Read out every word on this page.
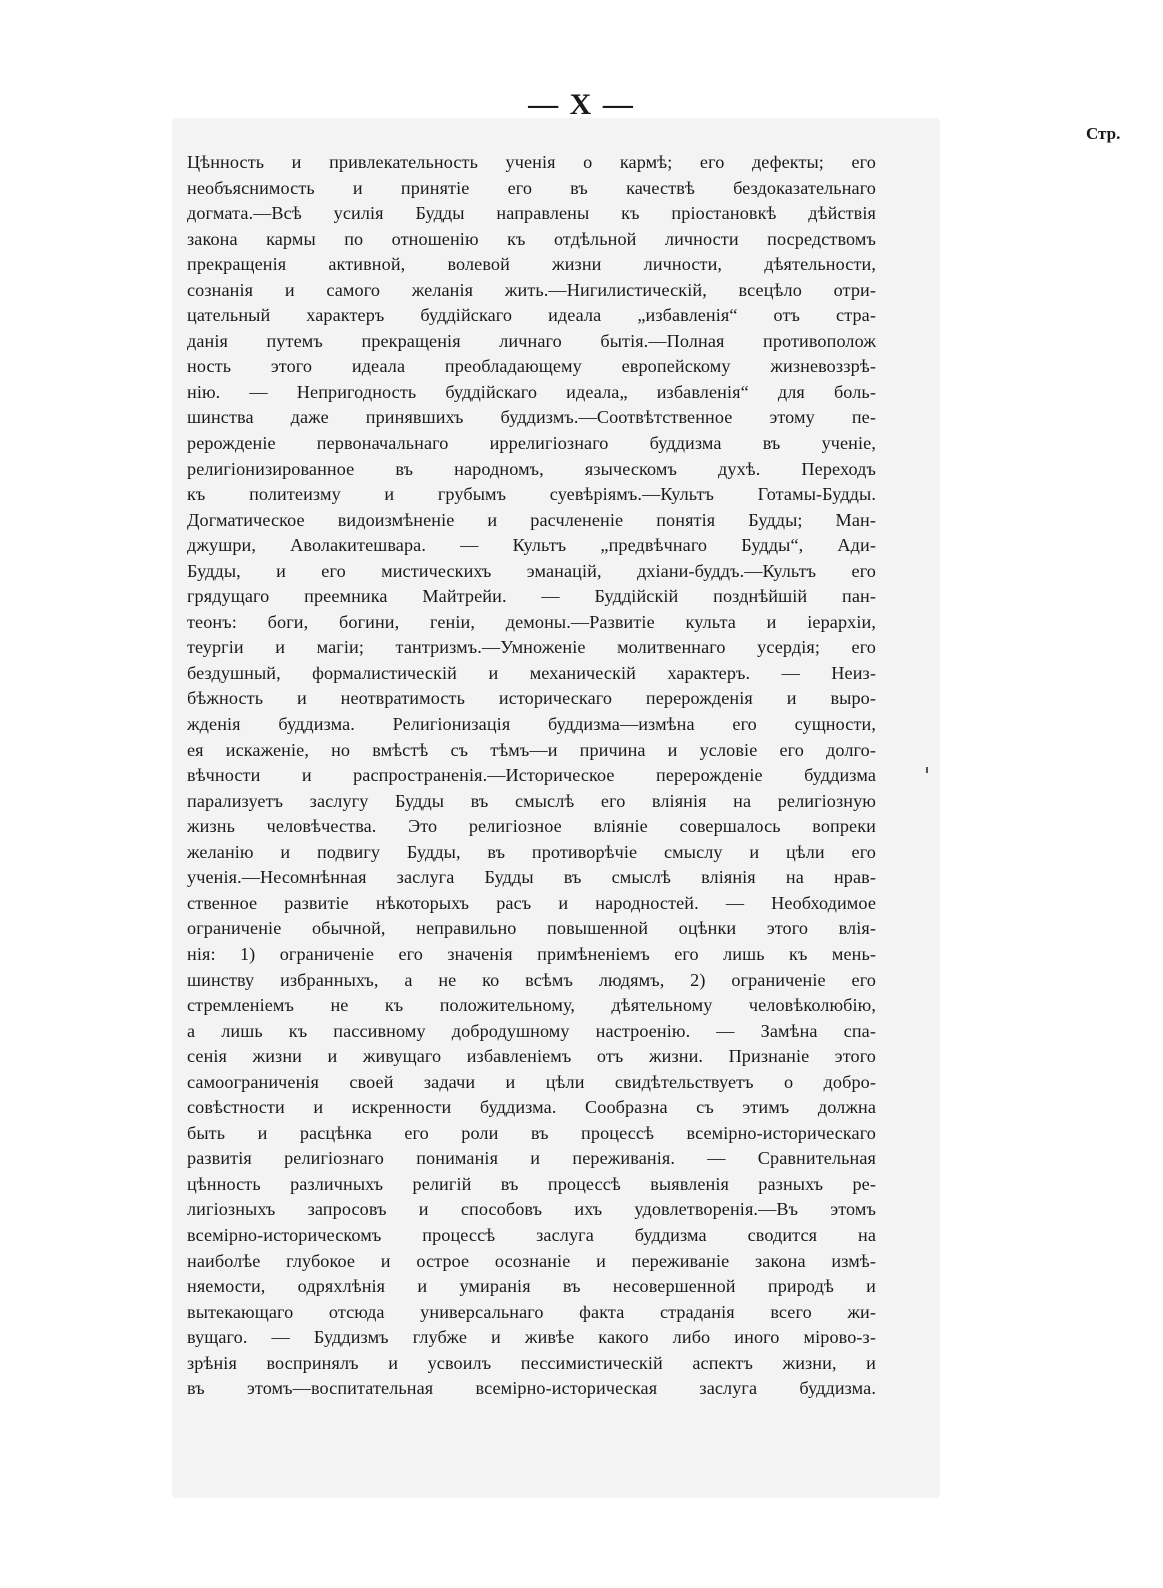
— X —
Стр.
Цѣнность и привлекательность ученія о кармѣ; его дефекты; его
необъяснимость и принятіе его въ качествѣ бездоказательнаго
догмата.—Всѣ усилія Будды направлены къ пріостановкѣ дѣйствія
закона кармы по отношенію къ отдѣльной личности посредствомъ
прекращенія активной, волевой жизни личности, дѣятельности,
сознанія и самого желанія жить.—Нигилистическій, всецѣло отри-
цательный характеръ буддійскаго идеала „избавленія“ отъ стра-
данія путемъ прекращенія личнаго бытія.—Полная противополож
ность этого идеала преобладающему европейскому жизневоззрѣ-
нію. — Непригодность буддійскаго идеала„ избавленія“ для боль-
шинства даже принявшихъ буддизмъ.—Соотвѣтственное этому пе-
рерожденіе первоначальнаго иррелигіознаго буддизма въ ученіе,
религіонизированное въ народномъ, языческомъ духѣ. Переходъ
къ политеизму и грубымъ суевѣріямъ.—Культъ Готамы-Будды.
Догматическое видоизмѣненіе и расчлененіе понятія Будды; Ман-
джушри, Аволакитешвара. — Культъ „предвѣчнаго Будды“, Ади-
Будды, и его мистическихъ эманацій, дхіани-буддъ.—Культъ его
грядущаго преемника Майтрейи. — Буддійскій позднѣйшій пан-
теонъ: боги, богини, геніи, демоны.—Развитіе культа и іерархіи,
теургіи и магіи; тантризмъ.—Умноженіе молитвеннаго усердія; его
бездушный, формалистическій и механическій характеръ. — Неиз-
бѣжность и неотвратимость историческаго перерожденія и выро-
жденія буддизма. Религіонизація буддизма—измѣна его сущности,
ея искаженіе, но вмѣстѣ съ тѣмъ—и причина и условіе его долго-
вѣчности и распространенія.—Историческое перерожденіе буддизма
парализуетъ заслугу Будды въ смыслѣ его вліянія на религіозную
жизнь человѣчества. Это религіозное вліяніе совершалось вопреки
желанію и подвигу Будды, въ противорѣчіе смыслу и цѣли его
ученія.—Несомнѣнная заслуга Будды въ смыслѣ вліянія на нрав-
ственное развитіе нѣкоторыхъ расъ и народностей. — Необходимое
ограниченіе обычной, неправильно повышенной оцѣнки этого влія-
нія: 1) ограниченіе его значенія примѣненіемъ его лишь къ мень-
шинству избранныхъ, а не ко всѣмъ людямъ, 2) ограниченіе его
стремленіемъ не къ положительному, дѣятельному человѣколюбію,
а лишь къ пассивному добродушному настроенію. — Замѣна спа-
сенія жизни и живущаго избавленіемъ отъ жизни. Признаніе этого
самоограниченія своей задачи и цѣли свидѣтельствуетъ о добро-
совѣстности и искренности буддизма. Сообразна съ этимъ должна
быть и расцѣнка его роли въ процессѣ всемірно-историческаго
развитія религіознаго пониманія и переживанія. — Сравнительная
цѣнность различныхъ религій въ процессѣ выявленія разныхъ ре-
лигіозныхъ запросовъ и способовъ ихъ удовлетворенія.—Въ этомъ
всемірно-историческомъ процессѣ заслуга буддизма сводится на
наиболѣе глубокое и острое осознаніе и переживаніе закона измѣ-
няемости, одряхлѣнія и умиранія въ несовершенной природѣ и
вытекающаго отсюда универсальнаго факта страданія всего жи-
вущаго. — Буддизмъ глубже и живѣе какого либо иного мірово-з-
зрѣнія воспринялъ и усвоилъ пессимистическій аспектъ жизни, и
въ этомъ—воспитательная всемірно-историческая заслуга буддизма.
